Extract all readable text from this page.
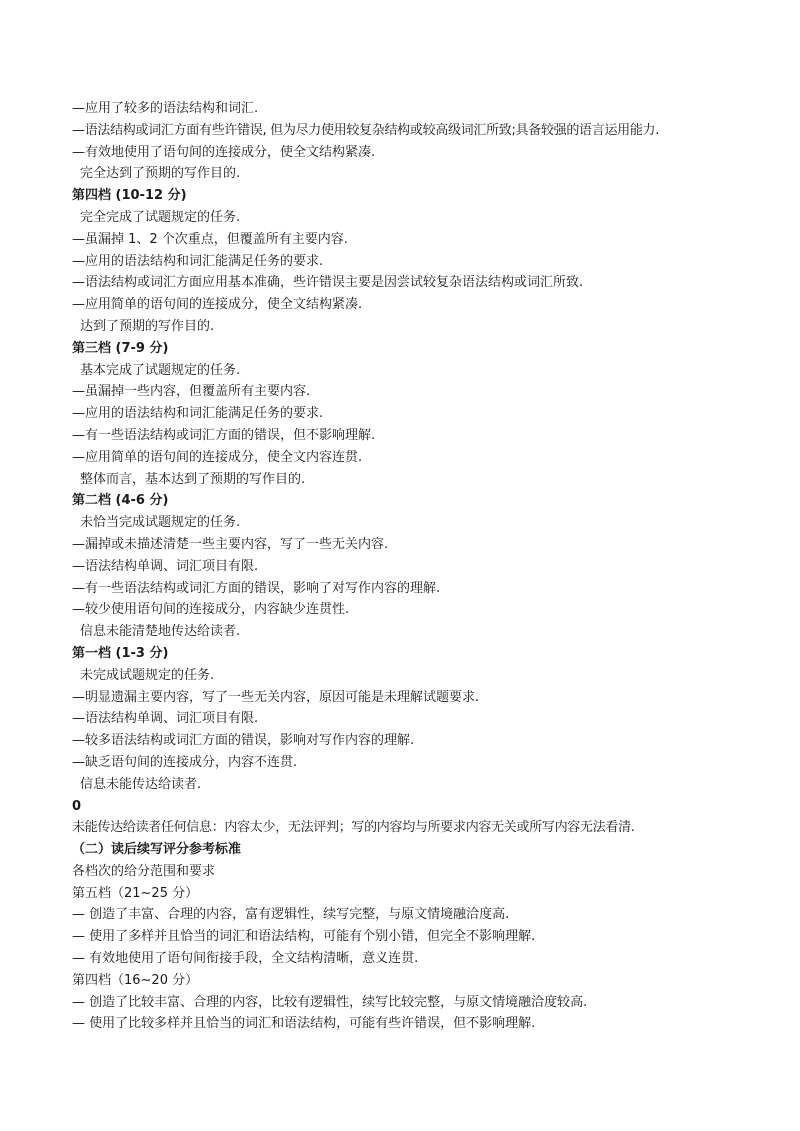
—应用了较多的语法结构和词汇.
—语法结构或词汇方面有些许错误, 但为尽力使用较复杂结构或较高级词汇所致;具备较强的语言运用能力.
—有效地使用了语句间的连接成分，使全文结构紧凑.
完全达到了预期的写作目的.
第四档 (10-12 分)
完全完成了试题规定的任务.
—虽漏掉 1、2 个次重点，但覆盖所有主要内容.
—应用的语法结构和词汇能满足任务的要求.
—语法结构或词汇方面应用基本准确，些许错误主要是因尝试较复杂语法结构或词汇所致.
—应用简单的语句间的连接成分，使全文结构紧凑.
达到了预期的写作目的.
第三档 (7-9 分)
基本完成了试题规定的任务.
—虽漏掉一些内容，但覆盖所有主要内容.
—应用的语法结构和词汇能满足任务的要求.
—有一些语法结构或词汇方面的错误，但不影响理解.
—应用简单的语句间的连接成分，使全文内容连贯.
整体而言，基本达到了预期的写作目的.
第二档 (4-6 分)
未恰当完成试题规定的任务.
—漏掉或未描述清楚一些主要内容，写了一些无关内容.
—语法结构单调、词汇项目有限.
—有一些语法结构或词汇方面的错误，影响了对写作内容的理解.
—较少使用语句间的连接成分，内容缺少连贯性.
信息未能清楚地传达给读者.
第一档 (1-3 分)
未完成试题规定的任务.
—明显遗漏主要内容，写了一些无关内容，原因可能是未理解试题要求.
—语法结构单调、词汇项目有限.
—较多语法结构或词汇方面的错误，影响对写作内容的理解.
—缺乏语句间的连接成分，内容不连贯.
信息未能传达给读者.
0
未能传达给读者任何信息：内容太少，无法评判；写的内容均与所要求内容无关或所写内容无法看清.
（二）读后续写评分参考标准
各档次的给分范围和要求
第五档（21~25 分）
— 创造了丰富、合理的内容，富有逻辑性，续写完整，与原文情境融洽度高.
— 使用了多样并且恰当的词汇和语法结构，可能有个别小错，但完全不影响理解.
— 有效地使用了语句间衔接手段，全文结构清晰，意义连贯.
第四档（16~20 分）
— 创造了比较丰富、合理的内容，比较有逻辑性，续写比较完整，与原文情境融洽度较高.
— 使用了比较多样并且恰当的词汇和语法结构，可能有些许错误，但不影响理解.
